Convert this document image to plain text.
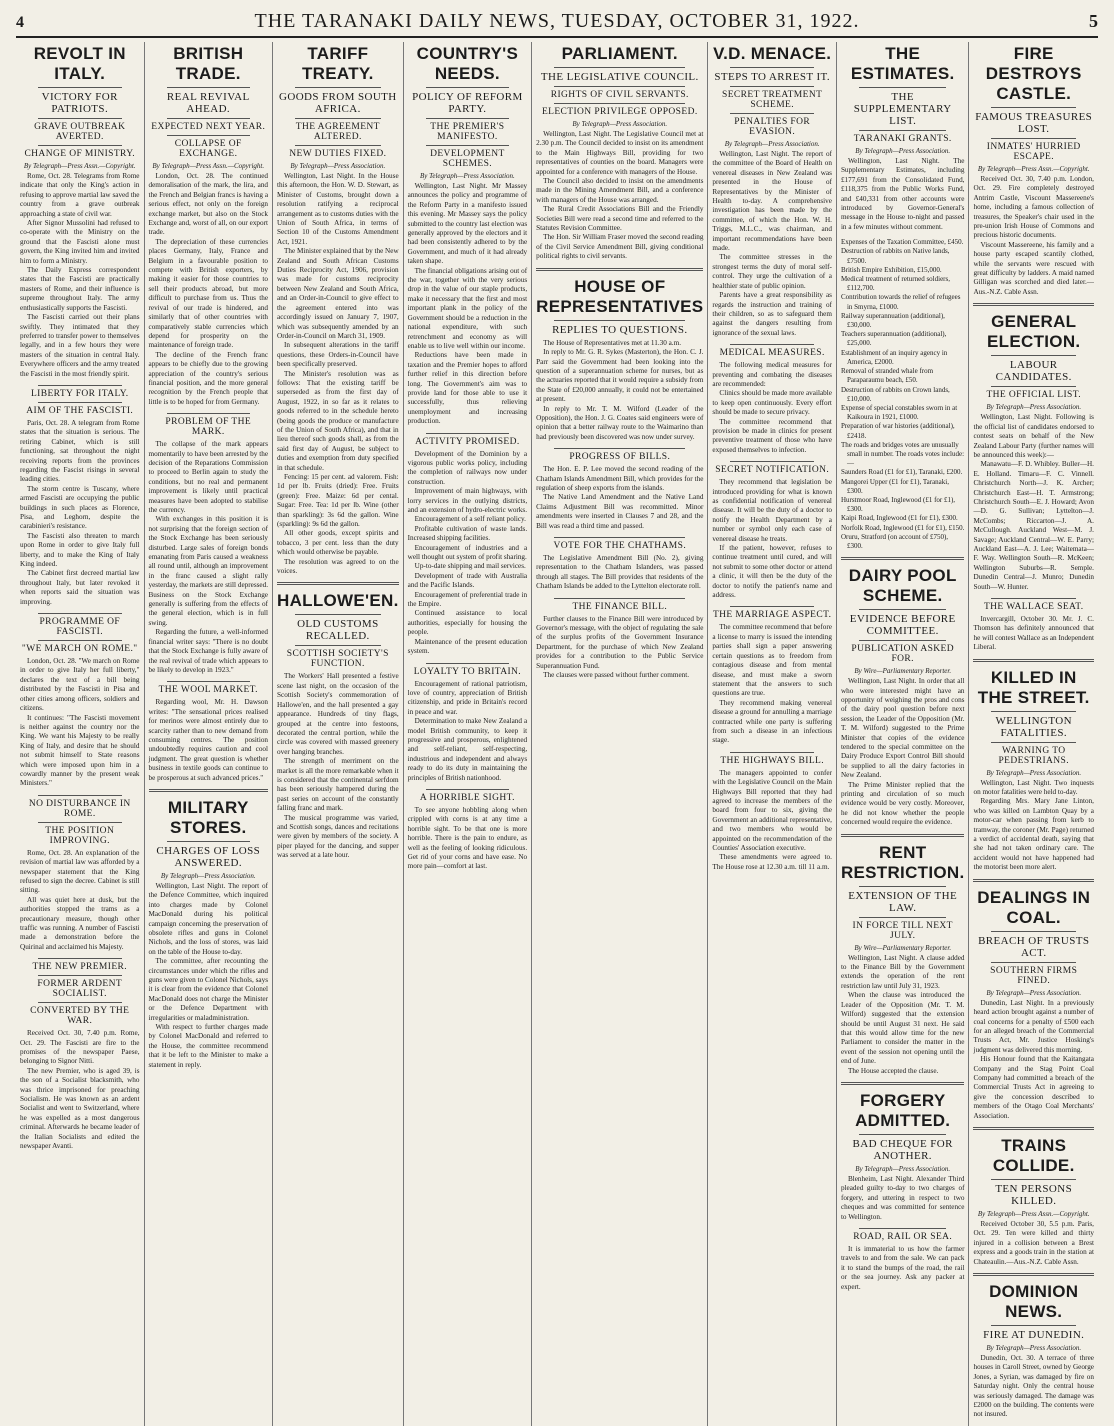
4	THE TARANAKI DAILY NEWS, TUESDAY, OCTOBER 31, 1922.	5
REVOLT IN ITALY.
VICTORY FOR PATRIOTS.
GRAVE OUTBREAK AVERTED.
CHANGE OF MINISTRY.
By Telegraph—Press Assn.—Copyright.

Rome, Oct. 28. Telegrams from Rome indicate that only the King's action in refusing to approve martial law saved the country from a grave outbreak approaching a state of civil war.

After Signor Mussolini had refused to co-operate with the Ministry on the ground that the Fascisti alone must govern, the King invited him and invited him to form a Ministry.

The Daily Express correspondent states that the Fascisti are practically masters of Rome, and their influence is supreme throughout Italy. The army enthusiastically supports the Fascisti.

The Fascisti carried out their plans swiftly. They intimated that they preferred to transfer power to themselves legally, and in a few hours they were masters of the situation in central Italy. Everywhere officers and the army treated the Fascisti in the most friendly spirit.

LIBERTY FOR ITALY.
AIM OF THE FASCISTI.

Paris, Oct. 28. A telegram from Rome states that the situation is serious. The retiring Cabinet, which is still functioning, sat throughout the night receiving reports from the provinces regarding the Fascist risings in several leading cities.

The storm centre is Tuscany, where armed Fascisti are occupying the public buildings in such places as Florence, Pisa, and Leghorn, despite the carabinieri's resistance.

The Fascisti also threaten to march upon Rome in order to give Italy full liberty, and to make the King of Italy King indeed.

The Cabinet first decreed martial law throughout Italy, but later revoked it when reports said the situation was improving.

PROGRAMME OF FASCISTI.
"WE MARCH ON ROME."

London, Oct. 28. "We march on Rome in order to give Italy her full liberty," declares the text of a bill being distributed by the Fascisti in Pisa and other cities among officers, soldiers and citizens.

It continues: "The Fascisti movement is neither against the country nor the King. We want his Majesty to be really King of Italy, and desire that he should not submit himself to State reasons which were imposed upon him in a cowardly manner by the present weak Ministers."

NO DISTURBANCE IN ROME.
THE POSITION IMPROVING.

Rome, Oct. 28. An explanation of the revision of martial law was afforded by a newspaper statement that the King refused to sign the decree. Cabinet is still sitting.

All was quiet here at dusk, but the authorities stopped the trams as a precautionary measure, though other traffic was running. A number of Fascisti made a demonstration before the Quirinal and acclaimed his Majesty.

THE NEW PREMIER.
FORMER ARDENT SOCIALIST.
CONVERTED BY THE WAR.

Received Oct. 30, 7.40 p.m. Rome, Oct. 29. The Fascisti are fire to the promises of the newspaper Paese, belonging to Signor Nitti.

The new Premier, who is aged 39, is the son of a Socialist blacksmith, who was thrice imprisoned for preaching Socialism. He was known as an ardent Socialist and went to Switzerland, where he was expelled as a most dangerous criminal. Afterwards he became leader of the Italian Socialists and edited the newspaper Avanti.

BRITISH TRADE.
REAL REVIVAL AHEAD.
EXPECTED NEXT YEAR.
COLLAPSE OF EXCHANGE.
By Telegraph—Press Assn.—Copyright.

London, Oct. 28. The continued demoralisation of the mark, the lira, and the French and Belgian francs is having a serious effect, not only on the foreign exchange market, but also on the Stock Exchange and, worst of all, on our export trade.

The depreciation of these currencies places Germany, Italy, France and Belgium in a favourable position to compete with British exporters, by making it easier for those countries to sell their products abroad, but more difficult to purchase from us. Thus the revival of our trade is hindered, and similarly that of other countries with comparatively stable currencies which depend for prosperity on the maintenance of foreign trade.

The decline of the French franc appears to be chiefly due to the growing appreciation of the country's serious financial position, and the more general recognition by the French people that little is to be hoped for from Germany.

PROBLEM OF THE MARK.

The collapse of the mark appears momentarily to have been arrested by the decision of the Reparations Commission to proceed to Berlin again to study the conditions, but no real and permanent improvement is likely until practical measures have been adopted to stabilise the currency.

With exchanges in this position it is not surprising that the foreign section of the Stock Exchange has been seriously disturbed. Large sales of foreign bonds emanating from Paris caused a weakness all round until, although an improvement in the franc caused a slight rally yesterday, the markets are still depressed. Business on the Stock Exchange generally is suffering from the effects of the general election, which is in full swing.

Regarding the future, a well-informed financial writer says: "There is no doubt that the Stock Exchange is fully aware of the real revival of trade which appears to be likely to develop in 1923."

THE WOOL MARKET.

Regarding wool, Mr. H. Dawson writes: "The sensational prices realised for merinos were almost entirely due to scarcity rather than to new demand from consuming centres. The position undoubtedly requires caution and cool judgment. The great question is whether business in textile goods can continue to be prosperous at such advanced prices."

MILITARY STORES.
CHARGES OF LOSS ANSWERED.
By Telegraph—Press Association.

Wellington, Last Night. The report of the Defence Committee, which inquired into charges made by Colonel MacDonald during his political campaign concerning the preservation of obsolete rifles and guns in Colonel Nichols, and the loss of stores, was laid on the table of the House to-day.

The committee, after recounting the circumstances under which the rifles and guns were given to Colonel Nichols, says it is clear from the evidence that Colonel MacDonald does not charge the Minister or the Defence Department with irregularities or maladministration.

With respect to further charges made by Colonel MacDonald and referred to the House, the committee recommend that it be left to the Minister to make a statement in reply.

TARIFF TREATY.
GOODS FROM SOUTH AFRICA.
THE AGREEMENT ALTERED.
NEW DUTIES FIXED.
By Telegraph—Press Association.

Wellington, Last Night. In the House this afternoon, the Hon. W. D. Stewart, as Minister of Customs, brought down a resolution ratifying a reciprocal arrangement as to customs duties with the Union of South Africa, in terms of Section 10 of the Customs Amendment Act, 1921.

The Minister explained that by the New Zealand and South African Customs Duties Reciprocity Act, 1906, provision was made for customs reciprocity between New Zealand and South Africa, and an Order-in-Council to give effect to the agreement entered into was accordingly issued on January 7, 1907, which was subsequently amended by an Order-in-Council on March 31, 1909.

In subsequent alterations in the tariff questions, these Orders-in-Council have been specifically preserved.

The Minister's resolution was as follows: That the existing tariff be superseded as from the first day of August, 1922, in so far as it relates to goods referred to in the schedule hereto (being goods the produce or manufacture of the Union of South Africa), and that in lieu thereof such goods shall, as from the said first day of August, be subject to duties and exemption from duty specified in that schedule.

Fencing: 15 per cent. ad valorem. Fish: 1d per lb. Fruits (dried): Free. Fruits (green): Free. Maize: 6d per cental. Sugar: Free. Tea: 1d per lb. Wine (other than sparkling): 3s 6d the gallon. Wine (sparkling): 9s 6d the gallon.

All other goods, except spirits and tobacco, 3 per cent. less than the duty which would otherwise be payable.

The resolution was agreed to on the voices.

HALLOWE'EN.
OLD CUSTOMS RECALLED.
SCOTTISH SOCIETY'S FUNCTION.

The Workers' Hall presented a festive scene last night, on the occasion of the Scottish Society's commemoration of Hallowe'en, and the hall presented a gay appearance. Hundreds of tiny flags, grouped at the centre into festoons, decorated the central portion, while the circle was covered with massed greenery over hanging branches.

The strength of merriment on the market is all the more remarkable when it is considered that the continental serfdom has been seriously hampered during the past series on account of the constantly falling franc and mark.

The musical programme was varied, and Scottish songs, dances and recitations were given by members of the society. A piper played for the dancing, and supper was served at a late hour.

COUNTRY'S NEEDS.
POLICY OF REFORM PARTY.
THE PREMIER'S MANIFESTO.
DEVELOPMENT SCHEMES.
By Telegraph—Press Association.

Wellington, Last Night. Mr Massey announces the policy and programme of the Reform Party in a manifesto issued this evening. Mr Massey says the policy submitted to the country last election was generally approved by the electors and it had been consistently adhered to by the Government, and much of it had already taken shape.

The financial obligations arising out of the war, together with the very serious drop in the value of our staple products, make it necessary that the first and most important plank in the policy of the Government should be a reduction in the national expenditure, with such retrenchment and economy as will enable us to live well within our income.

Reductions have been made in taxation and the Premier hopes to afford further relief in this direction before long. The Government's aim was to provide land for those able to use it successfully, thus relieving unemployment and increasing production.

ACTIVITY PROMISED.

Development of the Dominion by a vigorous public works policy, including the completion of railways now under construction.

Improvement of main highways, with lorry services in the outlying districts, and an extension of hydro-electric works.

Encouragement of a self reliant policy.

Profitable cultivation of waste lands. Increased shipping facilities.

Encouragement of industries and a well thought out system of profit sharing.

Up-to-date shipping and mail services.

Development of trade with Australia and the Pacific Islands.

Encouragement of preferential trade in the Empire.

Continued assistance to local authorities, especially for housing the people.

Maintenance of the present education system.

LOYALTY TO BRITAIN.

Encouragement of rational patriotism, love of country, appreciation of British citizenship, and pride in Britain's record in peace and war.

Determination to make New Zealand a model British community, to keep it progressive and prosperous, enlightened and self-reliant, self-respecting, industrious and independent and always ready to do its duty in maintaining the principles of British nationhood.

A HORRIBLE SIGHT.

To see anyone hobbling along when crippled with corns is at any time a horrible sight. To be that one is more horrible. There is the pain to endure, as well as the feeling of looking ridiculous. Get rid of your corns and have ease. No more pain—comfort at last.

PARLIAMENT.
THE LEGISLATIVE COUNCIL.
RIGHTS OF CIVIL SERVANTS.
ELECTION PRIVILEGE OPPOSED.
By Telegraph—Press Association.

Wellington, Last Night. The Legislative Council met at 2.30 p.m. The Council decided to insist on its amendment to the Main Highways Bill, providing for two representatives of counties on the board. Managers were appointed for a conference with managers of the House.

The Council also decided to insist on the amendments made in the Mining Amendment Bill, and a conference with managers of the House was arranged.

The Rural Credit Associations Bill and the Friendly Societies Bill were read a second time and referred to the Statutes Revision Committee.

The Hon. Sir William Fraser moved the second reading of the Civil Service Amendment Bill, giving conditional political rights to civil servants.

HOUSE OF REPRESENTATIVES
REPLIES TO QUESTIONS.

The House of Representatives met at 11.30 a.m.

In reply to Mr. G. R. Sykes (Masterton), the Hon. C. J. Parr said the Government had been looking into the question of a superannuation scheme for nurses, but as the actuaries reported that it would require a subsidy from the State of £20,000 annually, it could not be entertained at present.

In reply to Mr. T. M. Wilford (Leader of the Opposition), the Hon. J. G. Coates said engineers were of opinion that a better railway route to the Waimarino than had previously been discovered was now under survey.

PROGRESS OF BILLS.

The Hon. E. P. Lee moved the second reading of the Chatham Islands Amendment Bill, which provides for the regulation of sheep exports from the islands.

The Native Land Amendment and the Native Land Claims Adjustment Bill was recommitted. Minor amendments were inserted in Clauses 7 and 28, and the Bill was read a third time and passed.

VOTE FOR THE CHATHAMS.

The Legislative Amendment Bill (No. 2), giving representation to the Chatham Islanders, was passed through all stages. The Bill provides that residents of the Chatham Islands be added to the Lyttelton electorate roll.

THE FINANCE BILL.

Further clauses to the Finance Bill were introduced by Governor's message, with the object of regulating the sale of the surplus profits of the Government Insurance Department, for the purchase of which New Zealand provides for a contribution to the Public Service Superannuation Fund.

The clauses were passed without further comment.

V.D. MENACE.
STEPS TO ARREST IT.
SECRET TREATMENT SCHEME.
PENALTIES FOR EVASION.
By Telegraph—Press Association.

Wellington, Last Night. The report of the committee of the Board of Health on venereal diseases in New Zealand was presented in the House of Representatives by the Minister of Health to-day. A comprehensive investigation has been made by the committee, of which the Hon. W. H. Triggs, M.L.C., was chairman, and important recommendations have been made.

The committee stresses in the strongest terms the duty of moral self-control. They urge the cultivation of a healthier state of public opinion.

Parents have a great responsibility as regards the instruction and training of their children, so as to safeguard them against the dangers resulting from ignorance of the sexual laws.

MEDICAL MEASURES.

The following medical measures for preventing and combating the diseases are recommended:

Clinics should be made more available to keep open continuously. Every effort should be made to secure privacy.

The committee recommend that provision be made in clinics for present preventive treatment of those who have exposed themselves to infection.

SECRET NOTIFICATION.

They recommend that legislation be introduced providing for what is known as confidential notification of venereal disease. It will be the duty of a doctor to notify the Health Department by a number or symbol only each case of venereal disease he treats.

If the patient, however, refuses to continue treatment until cured, and will not submit to some other doctor or attend a clinic, it will then be the duty of the doctor to notify the patient's name and address.

THE MARRIAGE ASPECT.

The committee recommend that before a license to marry is issued the intending parties shall sign a paper answering certain questions as to freedom from contagious disease and from mental disease, and must make a sworn statement that the answers to such questions are true.

They recommend making venereal disease a ground for annulling a marriage contracted while one party is suffering from such a disease in an infectious stage.

THE HIGHWAYS BILL.

The managers appointed to confer with the Legislative Council on the Main Highways Bill reported that they had agreed to increase the members of the board from four to six, giving the Government an additional representative, and two members who would be appointed on the recommendation of the Counties' Association executive.

These amendments were agreed to. The House rose at 12.30 a.m. till 11 a.m.

THE ESTIMATES.
THE SUPPLEMENTARY LIST.
TARANAKI GRANTS.
By Telegraph—Press Association.

Wellington, Last Night. The Supplementary Estimates, including £177,691 from the Consolidated Fund, £118,375 from the Public Works Fund, and £40,331 from other accounts were introduced by Governor-General's message in the House to-night and passed in a few minutes without comment.

Expenses of the Taxation Committee, £450.
Destruction of rabbits on Native lands, £7500.
British Empire Exhibition, £15,000.
Medical treatment of returned soldiers, £112,700.
Contribution towards the relief of refugees in Smyrna, £1000.
Railway superannuation (additional), £30,000.
Teachers superannuation (additional), £25,000.
Establishment of an inquiry agency in America, £2000.
Removal of stranded whale from Paraparaumu beach, £50.
Destruction of rabbits on Crown lands, £10,000.
Expense of special constables sworn in at Kaikoura in 1921, £1000.
Preparation of war histories (additional), £2418.
The roads and bridges votes are unusually small in number. The roads votes include:—
Saunders Road (£1 for £1), Taranaki, £200.
Mangorei Upper (£1 for £1), Taranaki, £300.
Hurstmoor Road, Inglewood (£1 for £1), £300.
Kaipi Road, Inglewood (£1 for £1), £300.
Norfolk Road, Inglewood (£1 for £1), £150.
Oruru, Stratford (on account of £750), £300.
DAIRY POOL SCHEME.
EVIDENCE BEFORE COMMITTEE.
PUBLICATION ASKED FOR.
By Wire—Parliamentary Reporter.

Wellington, Last Night. In order that all who were interested might have an opportunity of weighing the pros and cons of the dairy pool question before next session, the Leader of the Opposition (Mr. T. M. Wilford) suggested to the Prime Minister that copies of the evidence tendered to the special committee on the Dairy Produce Export Control Bill should be supplied to all the dairy factories in New Zealand.

The Prime Minister replied that the printing and circulation of so much evidence would be very costly. Moreover, he did not know whether the people concerned would require the evidence.

RENT RESTRICTION.
EXTENSION OF THE LAW.
IN FORCE TILL NEXT JULY.
By Wire—Parliamentary Reporter.

Wellington, Last Night. A clause added to the Finance Bill by the Government extends the operation of the rent restriction law until July 31, 1923.

When the clause was introduced the Leader of the Opposition (Mr. T. M. Wilford) suggested that the extension should be until August 31 next. He said that this would allow time for the new Parliament to consider the matter in the event of the session not opening until the end of June.

The House accepted the clause.

FORGERY ADMITTED.
BAD CHEQUE FOR ANOTHER.
By Telegraph—Press Association.

Blenheim, Last Night. Alexander Third pleaded guilty to-day to two charges of forgery, and uttering in respect to two cheques and was committed for sentence to Wellington.

ROAD, RAIL OR SEA.

It is immaterial to us how the farmer travels to and from the sale. We can pack it to stand the bumps of the road, the rail or the sea journey. Ask any packer at expert.

FIRE DESTROYS CASTLE.
FAMOUS TREASURES LOST.
INMATES' HURRIED ESCAPE.
By Telegraph—Press Assn.—Copyright.

Received Oct. 30, 7.40 p.m. London, Oct. 29. Fire completely destroyed Antrim Castle, Viscount Massereene's home, including a famous collection of treasures, the Speaker's chair used in the pre-union Irish House of Commons and precious historic documents.

Viscount Massereene, his family and a house party escaped scantily clothed, while the servants were rescued with great difficulty by ladders. A maid named Gilligan was scorched and died later.—Aus.-N.Z. Cable Assn.

GENERAL ELECTION.
LABOUR CANDIDATES.
THE OFFICIAL LIST.
By Telegraph—Press Association.

Wellington, Last Night. Following is the official list of candidates endorsed to contest seats on behalf of the New Zealand Labour Party (further names will be announced this week):—

Manawatu—F. D. Whibley. Buller—H. E. Holland. Timaru—F. C. Vinnell. Christchurch North—J. K. Archer; Christchurch East—H. T. Armstrong; Christchurch South—E. J. Howard; Avon—D. G. Sullivan; Lyttelton—J. McCombs; Riccarton—J. A. McCullough. Auckland West—M. J. Savage; Auckland Central—W. E. Parry; Auckland East—A. J. Lee; Waitemata—F. Way. Wellington South—R. McKeen; Wellington Suburbs—R. Semple. Dunedin Central—J. Munro; Dunedin South—W. Hunter.

THE WALLACE SEAT.

Invercargill, October 30. Mr. J. C. Thomson has definitely announced that he will contest Wallace as an Independent Liberal.

KILLED IN THE STREET.
WELLINGTON FATALITIES.
WARNING TO PEDESTRIANS.
By Telegraph—Press Association.

Wellington, Last Night. Two inquests on motor fatalities were held to-day.

Regarding Mrs. Mary Jane Linton, who was killed on Lambton Quay by a motor-car when passing from kerb to tramway, the coroner (Mr. Page) returned a verdict of accidental death, saying that she had not taken ordinary care. The accident would not have happened had the motorist been more alert.

DEALINGS IN COAL.
BREACH OF TRUSTS ACT.
SOUTHERN FIRMS FINED.
By Telegraph—Press Association.

Dunedin, Last Night. In a previously heard action brought against a number of coal concerns for a penalty of £500 each for an alleged breach of the Commercial Trusts Act, Mr. Justice Hosking's judgment was delivered this morning.

His Honour found that the Kaitangata Company and the Stag Point Coal Company had committed a breach of the Commercial Trusts Act in agreeing to give the concession described to members of the Otago Coal Merchants' Association.

TRAINS COLLIDE.
TEN PERSONS KILLED.
By Telegraph—Press Assn.—Copyright.

Received October 30, 5.5 p.m. Paris, Oct. 29. Ten were killed and thirty injured in a collision between a Brest express and a goods train in the station at Chateaulin.—Aus.-N.Z. Cable Assn.

DOMINION NEWS.
FIRE AT DUNEDIN.
By Telegraph—Press Association.

Dunedin, Oct. 30. A terrace of three houses in Caroll Street, owned by George Jones, a Syrian, was damaged by fire on Saturday night. Only the central house was seriously damaged. The damage was £2000 on the building. The contents were not insured.
